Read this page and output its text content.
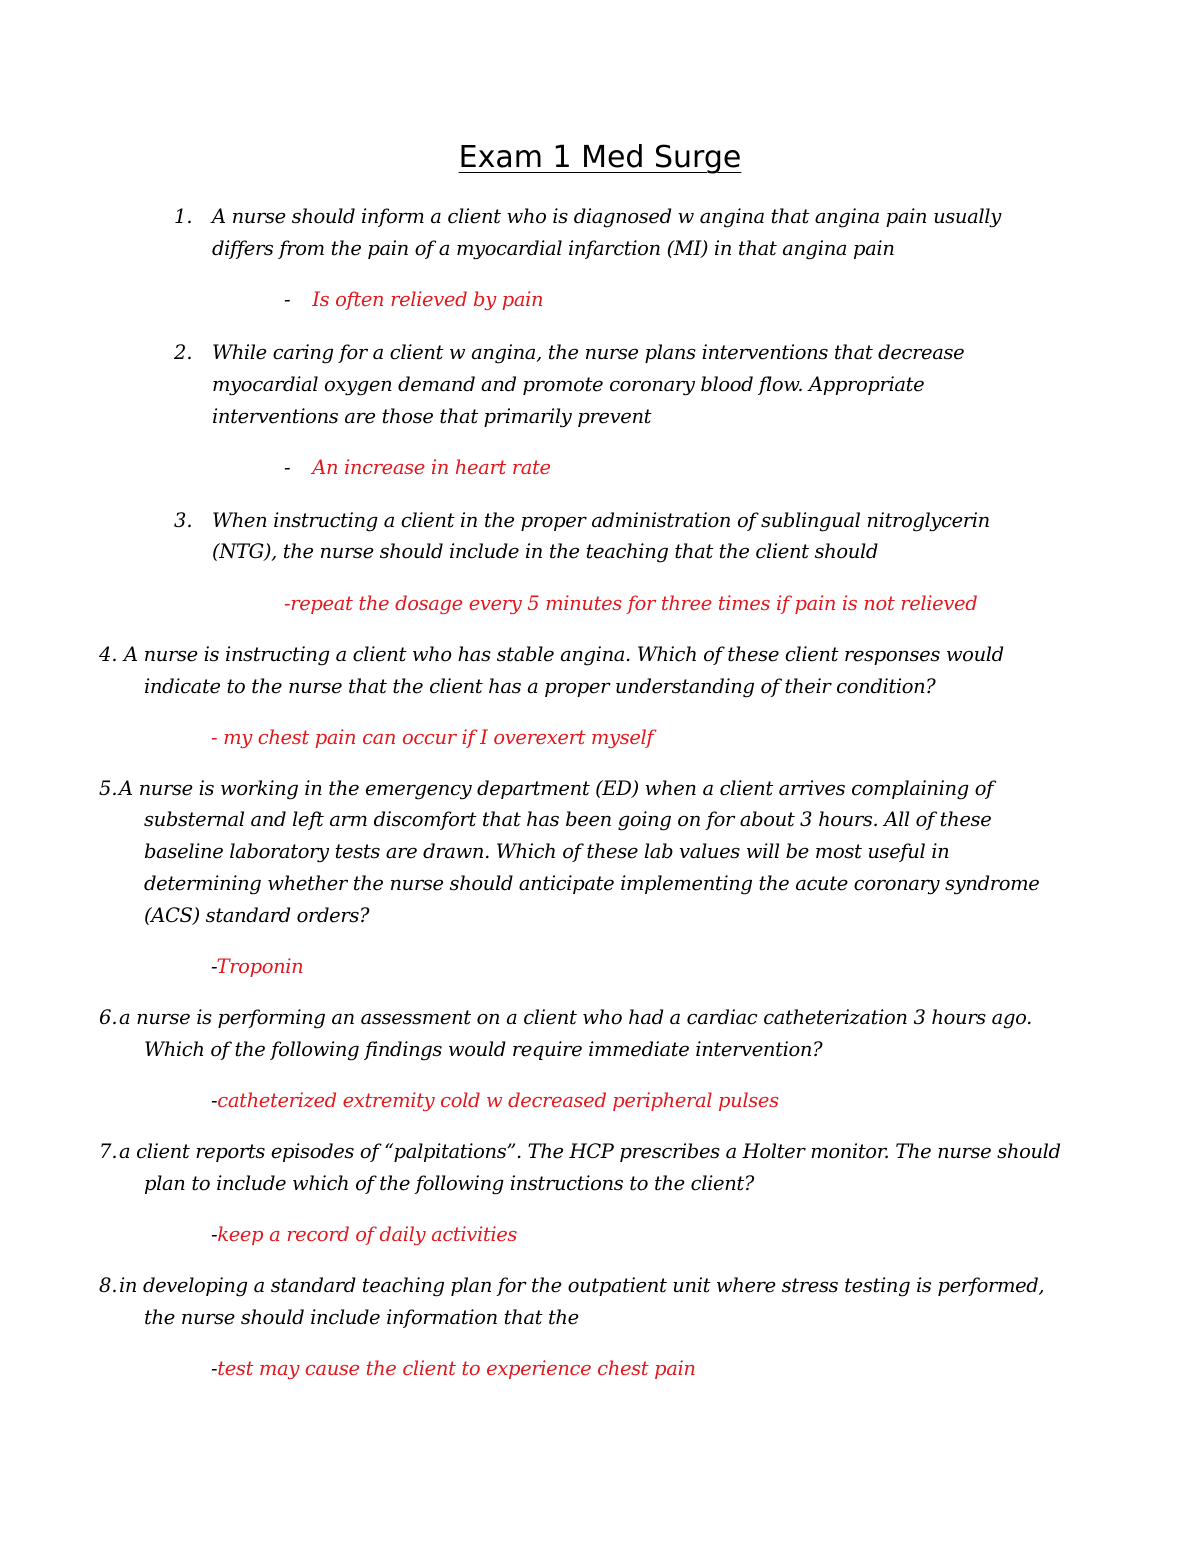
Exam 1 Med Surge
1. A nurse should inform a client who is diagnosed w angina that angina pain usually
differs from the pain of a myocardial infarction (MI) in that angina pain
- Is often relieved by pain
2. While caring for a client w angina, the nurse plans interventions that decrease
myocardial oxygen demand and promote coronary blood flow. Appropriate
interventions are those that primarily prevent
- An increase in heart rate
3. When instructing a client in the proper administration of sublingual nitroglycerin
(NTG), the nurse should include in the teaching that the client should
-repeat the dosage every 5 minutes for three times if pain is not relieved
4. A nurse is instructing a client who has stable angina. Which of these client responses would
indicate to the nurse that the client has a proper understanding of their condition?
- my chest pain can occur if I overexert myself
5. A nurse is working in the emergency department (ED) when a client arrives complaining of
substernal and left arm discomfort that has been going on for about 3 hours. All of these
baseline laboratory tests are drawn. Which of these lab values will be most useful in
determining whether the nurse should anticipate implementing the acute coronary syndrome
(ACS) standard orders?
-Troponin
6. a nurse is performing an assessment on a client who had a cardiac catheterization 3 hours ago.
Which of the following findings would require immediate intervention?
-catheterized extremity cold w decreased peripheral pulses
7. a client reports episodes of “palpitations”. The HCP prescribes a Holter monitor. The nurse should
plan to include which of the following instructions to the client?
-keep a record of daily activities
8. in developing a standard teaching plan for the outpatient unit where stress testing is performed,
the nurse should include information that the
-test may cause the client to experience chest pain
